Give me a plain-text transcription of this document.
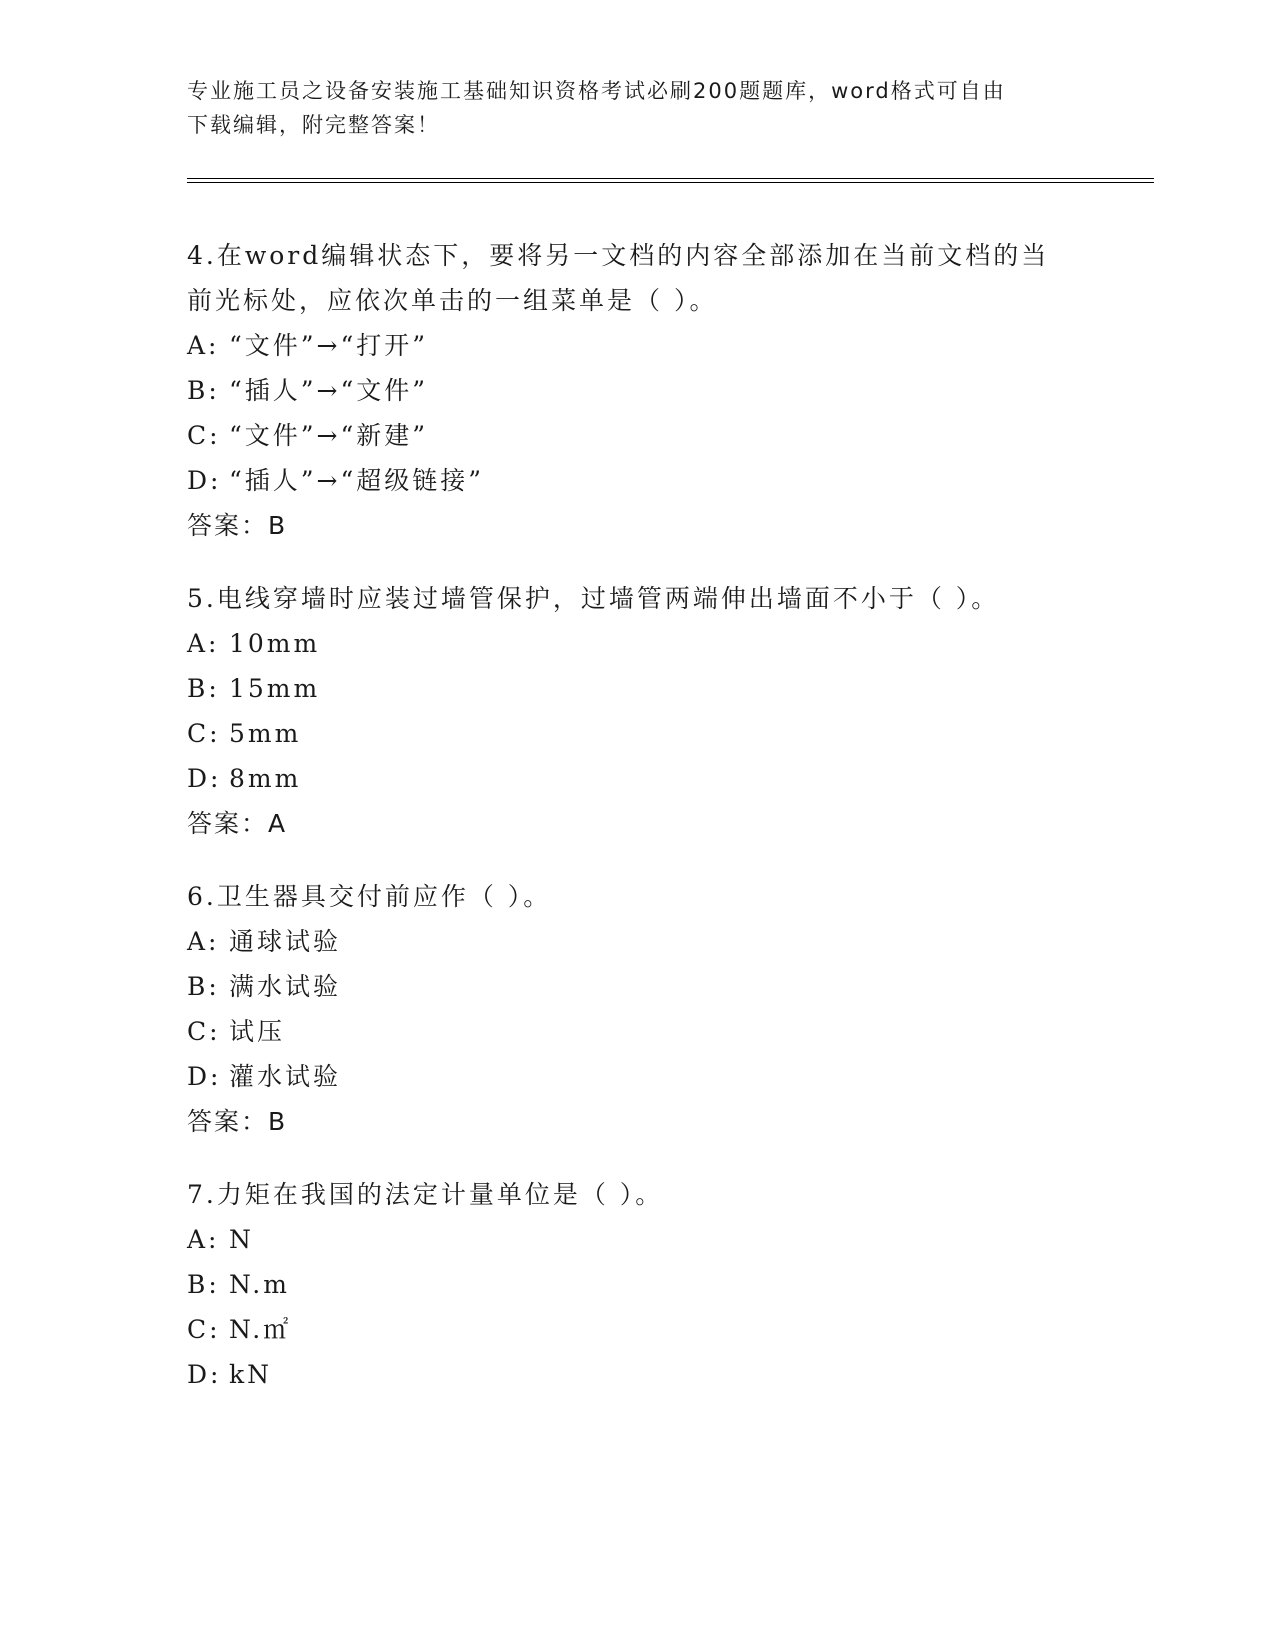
专业施工员之设备安装施工基础知识资格考试必刷200题题库，word格式可自由
下载编辑，附完整答案！
4.在word编辑状态下，要将另一文档的内容全部添加在当前文档的当
前光标处，应依次单击的一组菜单是（ ）。
A: “文件”→“打开”
B: “插人”→“文件”
C: “文件”→“新建”
D: “插人”→“超级链接”
答案：B
5.电线穿墙时应装过墙管保护，过墙管两端伸出墙面不小于（ ）。
A: 10mm
B: 15mm
C: 5mm
D: 8mm
答案：A
6.卫生器具交付前应作（ ）。
A: 通球试验
B: 满水试验
C: 试压
D: 灌水试验
答案：B
7.力矩在我国的法定计量单位是（ ）。
A: N
B: N.m
C: N.㎡
D: kN
